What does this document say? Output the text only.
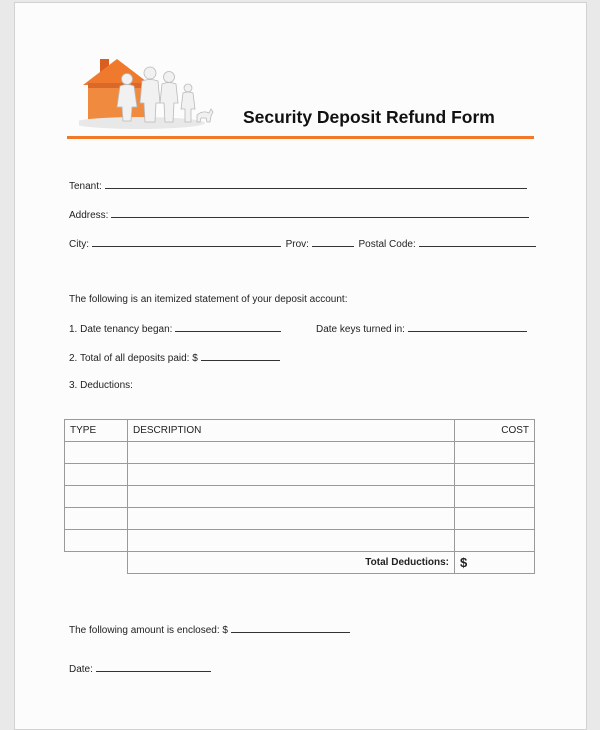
Security Deposit Refund Form
Tenant:
Address:
City:	Prov:	Postal Code:
The following is an itemized statement of your deposit account:
1. Date tenancy began:	Date keys turned in:
2. Total of all deposits paid: $
3. Deductions:
TYPE	DESCRIPTION	COST

	Total Deductions:	$
The following amount is enclosed: $
Date:
